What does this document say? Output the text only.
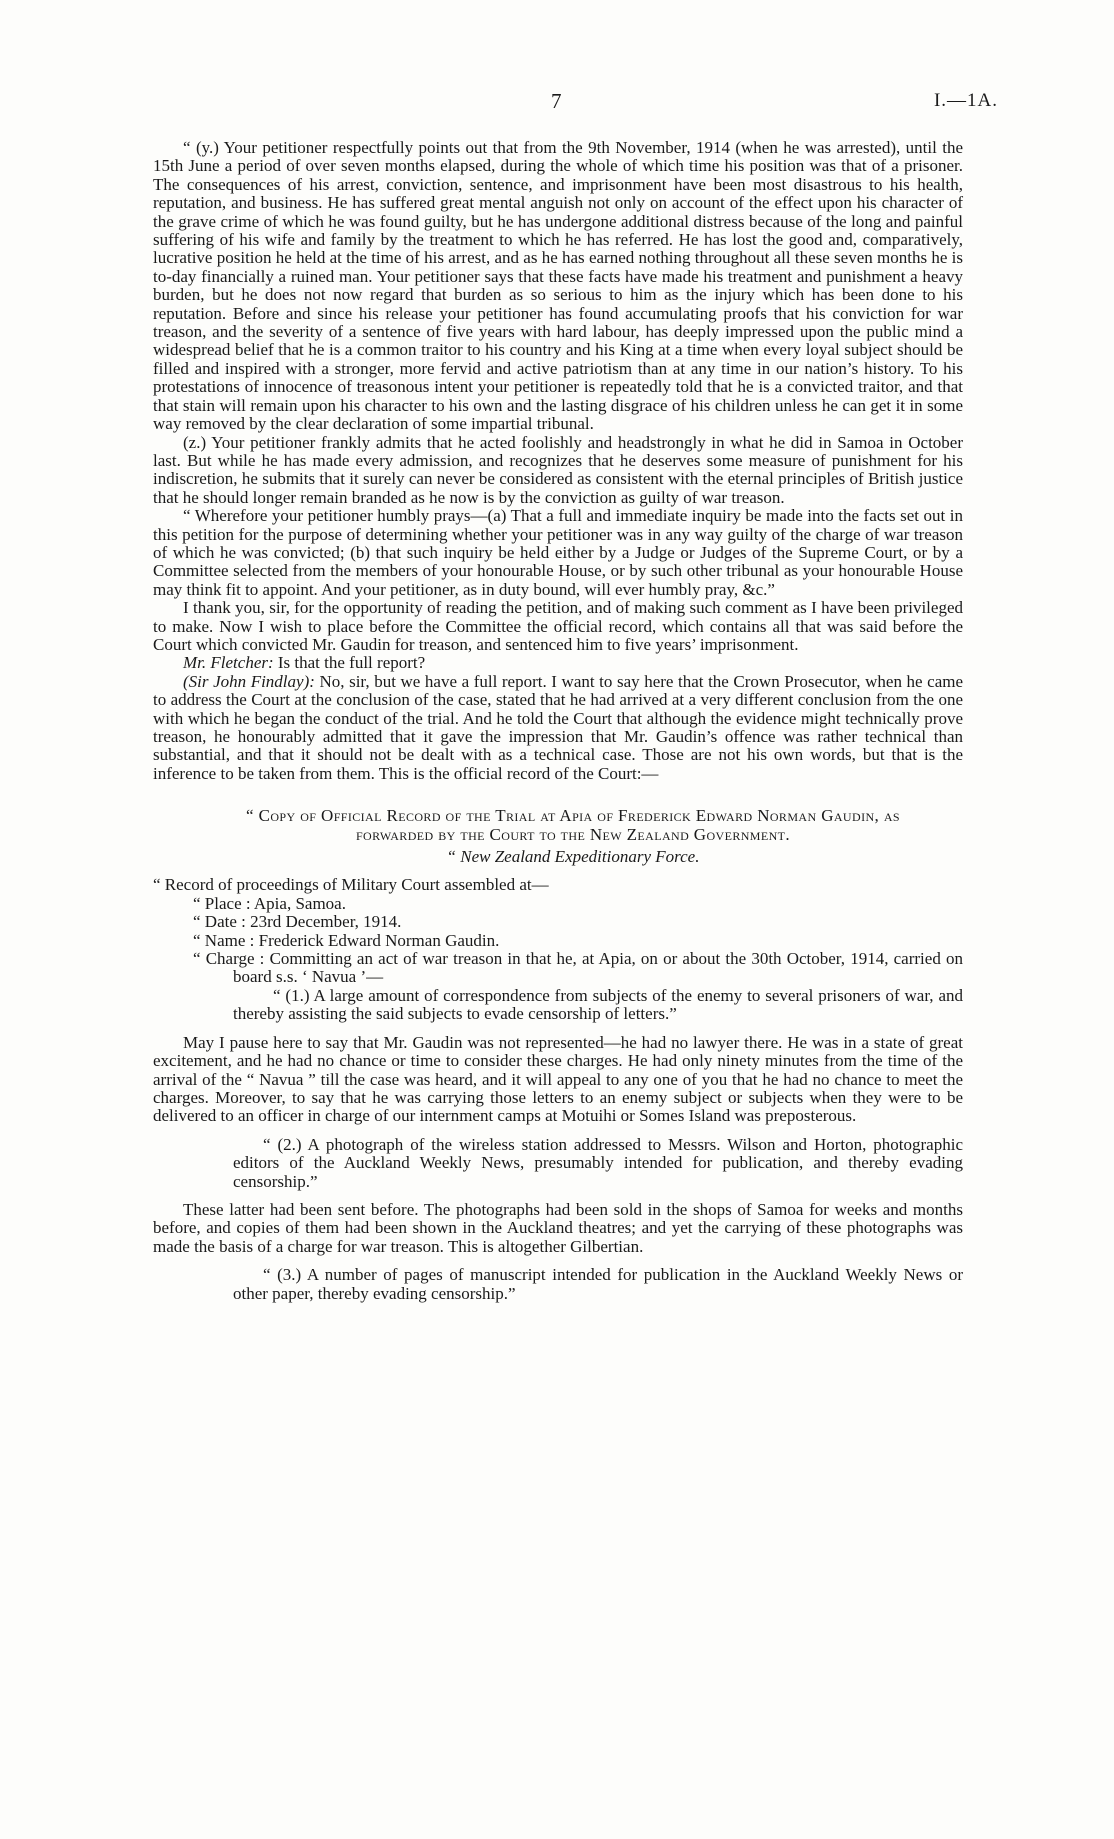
7	I.—1A.

“ (y.) Your petitioner respectfully points out that from the 9th November, 1914 (when he was arrested), until the 15th June a period of over seven months elapsed, during the whole of which time his position was that of a prisoner. The consequences of his arrest, conviction, sentence, and imprisonment have been most disastrous to his health, reputation, and business. He has suffered great mental anguish not only on account of the effect upon his character of the grave crime of which he was found guilty, but he has undergone additional distress because of the long and painful suffering of his wife and family by the treatment to which he has referred. He has lost the good and, comparatively, lucrative position he held at the time of his arrest, and as he has earned nothing throughout all these seven months he is to-day financially a ruined man. Your petitioner says that these facts have made his treatment and punishment a heavy burden, but he does not now regard that burden as so serious to him as the injury which has been done to his reputation. Before and since his release your petitioner has found accumulating proofs that his conviction for war treason, and the severity of a sentence of five years with hard labour, has deeply impressed upon the public mind a widespread belief that he is a common traitor to his country and his King at a time when every loyal subject should be filled and inspired with a stronger, more fervid and active patriotism than at any time in our nation’s history. To his protestations of innocence of treasonous intent your petitioner is repeatedly told that he is a convicted traitor, and that that stain will remain upon his character to his own and the lasting disgrace of his children unless he can get it in some way removed by the clear declaration of some impartial tribunal.

(z.) Your petitioner frankly admits that he acted foolishly and headstrongly in what he did in Samoa in October last. But while he has made every admission, and recognizes that he deserves some measure of punishment for his indiscretion, he submits that it surely can never be considered as consistent with the eternal principles of British justice that he should longer remain branded as he now is by the conviction as guilty of war treason.

“ Wherefore your petitioner humbly prays—(a) That a full and immediate inquiry be made into the facts set out in this petition for the purpose of determining whether your petitioner was in any way guilty of the charge of war treason of which he was convicted; (b) that such inquiry be held either by a Judge or Judges of the Supreme Court, or by a Committee selected from the members of your honourable House, or by such other tribunal as your honourable House may think fit to appoint. And your petitioner, as in duty bound, will ever humbly pray, &c.”

I thank you, sir, for the opportunity of reading the petition, and of making such comment as I have been privileged to make. Now I wish to place before the Committee the official record, which contains all that was said before the Court which convicted Mr. Gaudin for treason, and sentenced him to five years’ imprisonment.

Mr. Fletcher: Is that the full report?

(Sir John Findlay): No, sir, but we have a full report. I want to say here that the Crown Prosecutor, when he came to address the Court at the conclusion of the case, stated that he had arrived at a very different conclusion from the one with which he began the conduct of the trial. And he told the Court that although the evidence might technically prove treason, he honourably admitted that it gave the impression that Mr. Gaudin’s offence was rather technical than substantial, and that it should not be dealt with as a technical case. Those are not his own words, but that is the inference to be taken from them. This is the official record of the Court:—

“ Copy of Official Record of the Trial at Apia of Frederick Edward Norman Gaudin, as

forwarded by the Court to the New Zealand Government.

“ New Zealand Expeditionary Force.

“ Record of proceedings of Military Court assembled at—

“ Place : Apia, Samoa.

“ Date : 23rd December, 1914.

“ Name : Frederick Edward Norman Gaudin.

“ Charge : Committing an act of war treason in that he, at Apia, on or about the 30th October, 1914, carried on board s.s. ‘ Navua ’—

“ (1.) A large amount of correspondence from subjects of the enemy to several prisoners of war, and thereby assisting the said subjects to evade censorship of letters.”

May I pause here to say that Mr. Gaudin was not represented—he had no lawyer there. He was in a state of great excitement, and he had no chance or time to consider these charges. He had only ninety minutes from the time of the arrival of the “ Navua ” till the case was heard, and it will appeal to any one of you that he had no chance to meet the charges. Moreover, to say that he was carrying those letters to an enemy subject or subjects when they were to be delivered to an officer in charge of our internment camps at Motuihi or Somes Island was preposterous.

“ (2.) A photograph of the wireless station addressed to Messrs. Wilson and Horton, photographic editors of the Auckland Weekly News, presumably intended for publication, and thereby evading censorship.”

These latter had been sent before. The photographs had been sold in the shops of Samoa for weeks and months before, and copies of them had been shown in the Auckland theatres; and yet the carrying of these photographs was made the basis of a charge for war treason. This is altogether Gilbertian.

“ (3.) A number of pages of manuscript intended for publication in the Auckland Weekly News or other paper, thereby evading censorship.”
